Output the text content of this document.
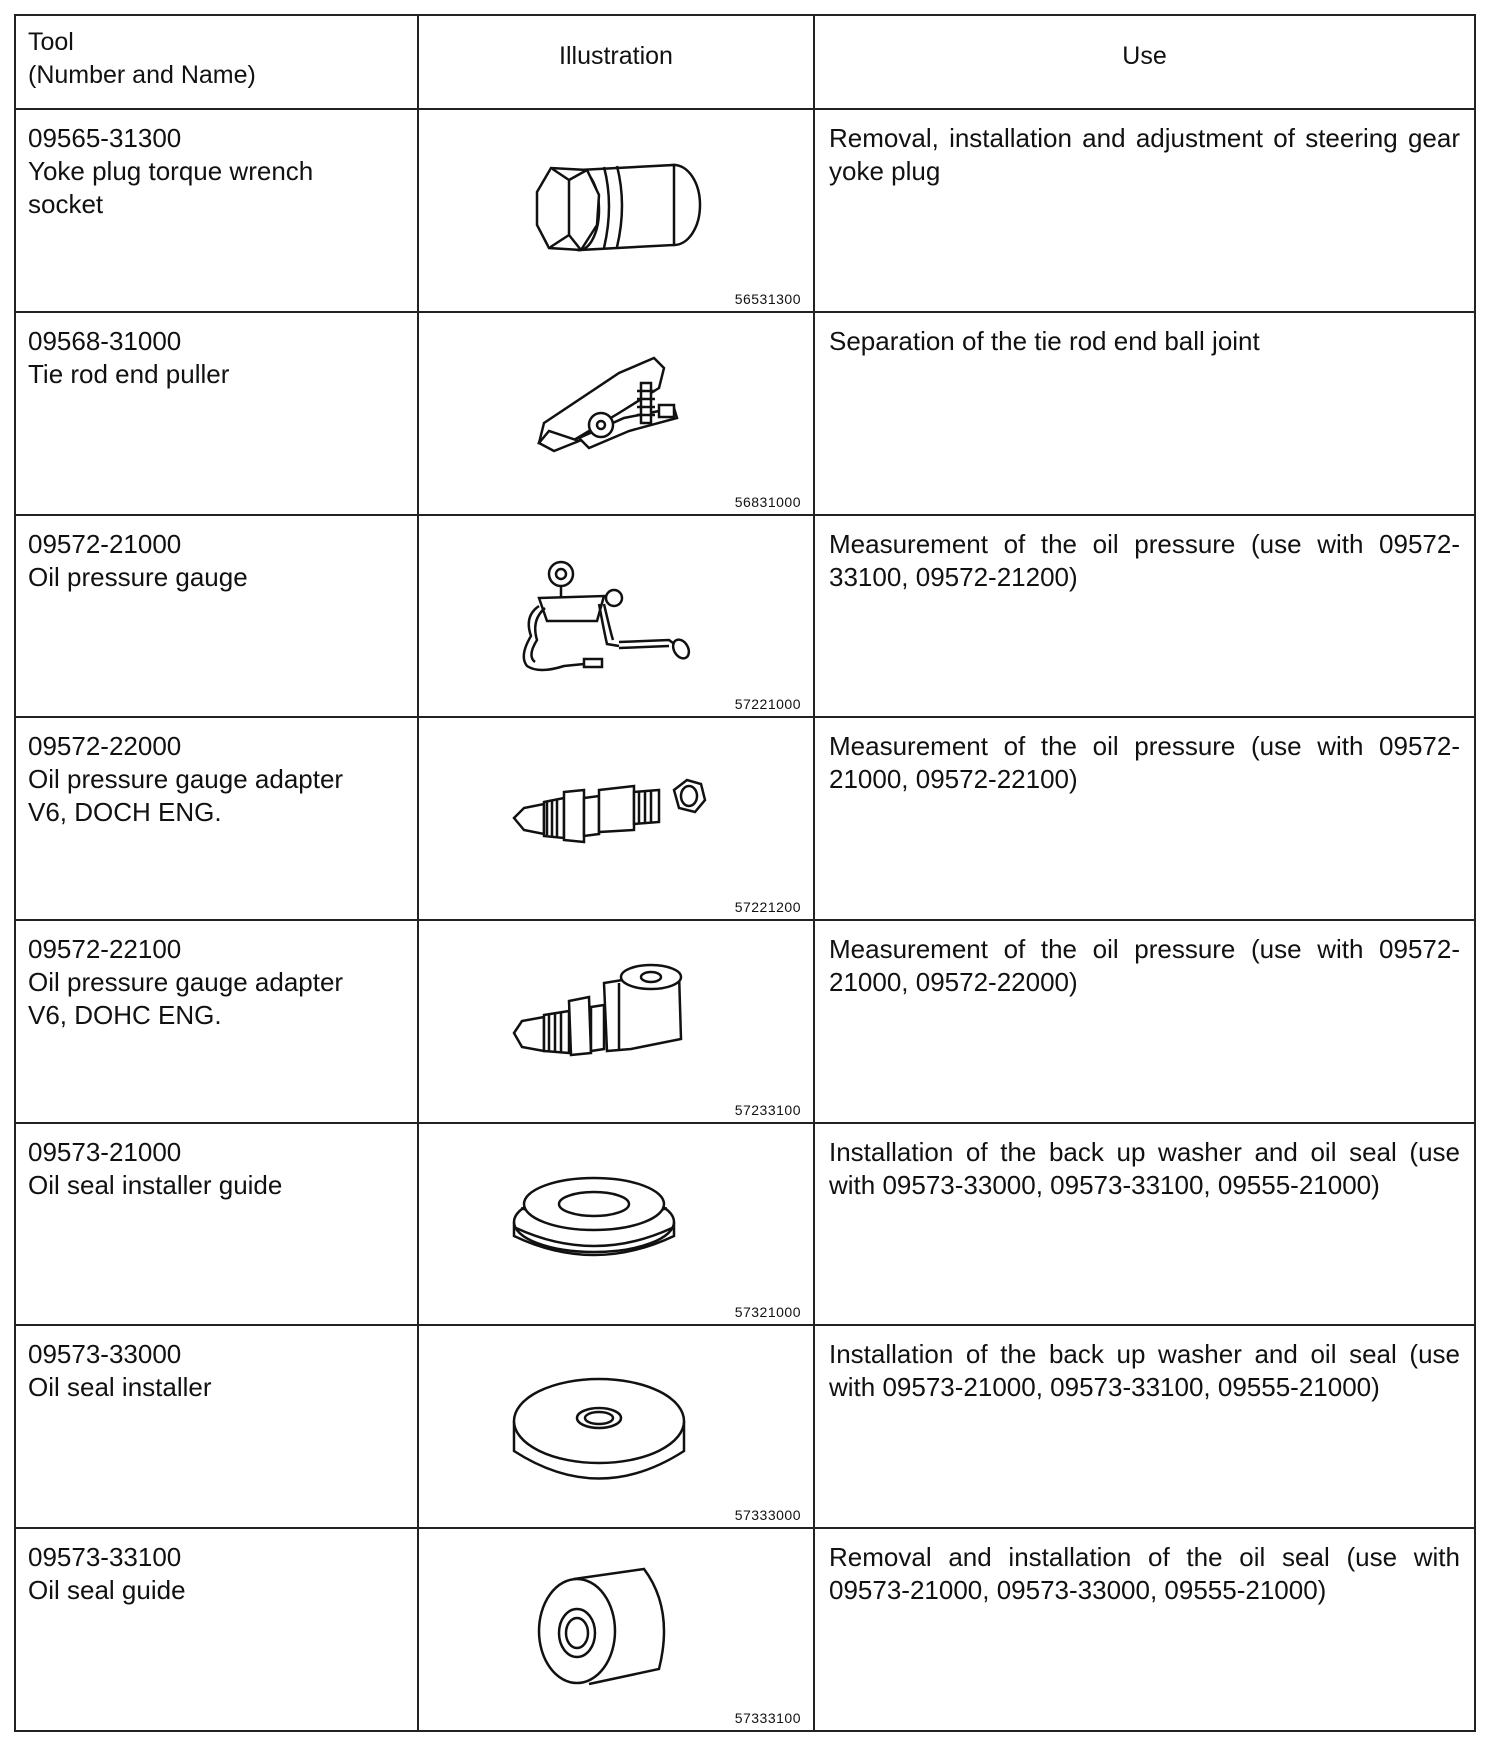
Tool
(Number and Name)	Illustration	Use

09565-31300
Yoke plug torque wrench
socket	56531300	Removal, installation and adjustment of steering gear yoke plug

09568-31000
Tie rod end puller	56831000	Separation of the tie rod end ball joint

09572-21000
Oil pressure gauge	57221000	Measurement of the oil pressure (use with 09572-33100, 09572-21200)

09572-22000
Oil pressure gauge adapter
V6, DOCH ENG.	57221200	Measurement of the oil pressure (use with 09572-21000, 09572-22100)

09572-22100
Oil pressure gauge adapter
V6, DOHC ENG.	57233100	Measurement of the oil pressure (use with 09572-21000, 09572-22000)

09573-21000
Oil seal installer guide	57321000	Installation of the back up washer and oil seal (use with 09573-33000, 09573-33100, 09555-21000)

09573-33000
Oil seal installer	57333000	Installation of the back up washer and oil seal (use with 09573-21000, 09573-33100, 09555-21000)

09573-33100
Oil seal guide	57333100	Removal and installation of the oil seal (use with 09573-21000, 09573-33000, 09555-21000)
